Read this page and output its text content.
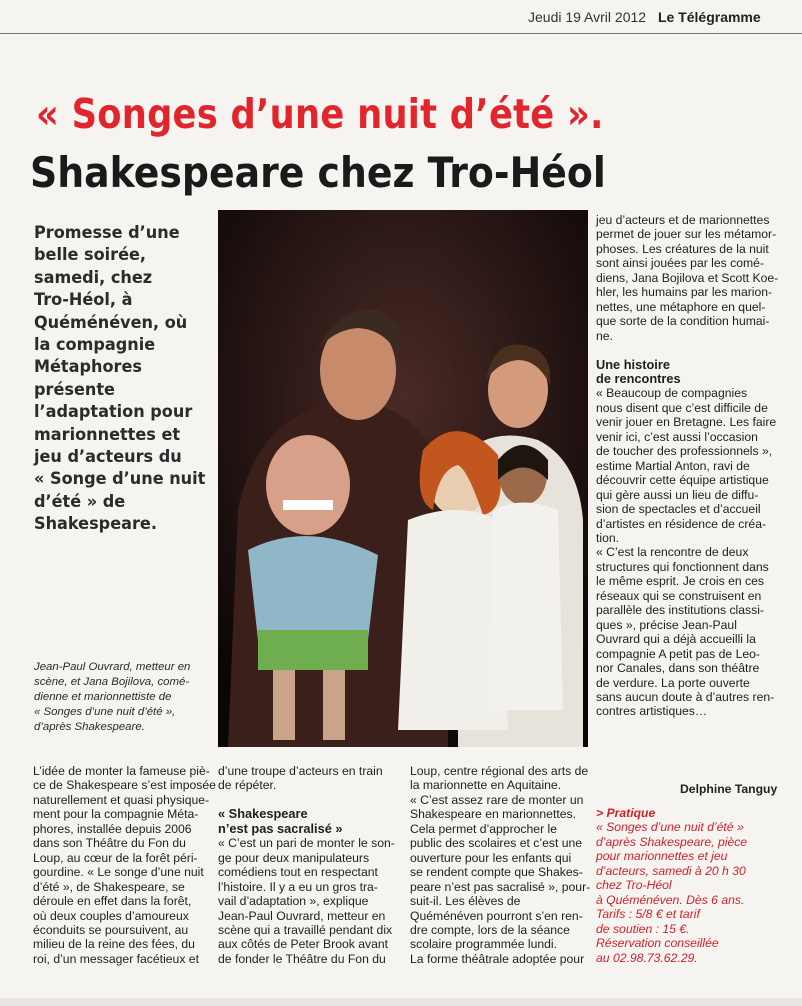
Jeudi 19 Avril 2012 Le Télégramme
« Songes d’une nuit d’été ».
Shakespeare chez Tro-Héol
Promesse d’une
belle soirée,
samedi, chez
Tro-Héol, à
Quéménéven, où
la compagnie
Métaphores
présente
l’adaptation pour
marionnettes et
jeu d’acteurs du
« Songe d’une nuit
d’été » de
Shakespeare.
Jean-Paul Ouvrard, metteur en
scène, et Jana Bojilova, comé-
dienne et marionnettiste de
« Songes d’une nuit d’été »,
d’après Shakespeare.
jeu d’acteurs et de marionnettes
permet de jouer sur les métamor-
phoses. Les créatures de la nuit
sont ainsi jouées par les comé-
diens, Jana Bojilova et Scott Koe-
hler, les humains par les marion-
nettes, une métaphore en quel-
que sorte de la condition humai-
ne.

Une histoire
de rencontres
« Beaucoup de compagnies
nous disent que c’est difficile de
venir jouer en Bretagne. Les faire
venir ici, c’est aussi l’occasion
de toucher des professionnels »,
estime Martial Anton, ravi de
découvrir cette équipe artistique
qui gère aussi un lieu de diffu-
sion de spectacles et d’accueil
d’artistes en résidence de créa-
tion.
« C’est la rencontre de deux
structures qui fonctionnent dans
le même esprit. Je crois en ces
réseaux qui se construisent en
parallèle des institutions classi-
ques », précise Jean-Paul
Ouvrard qui a déjà accueilli la
compagnie A petit pas de Leo-
nor Canales, dans son théâtre
de verdure. La porte ouverte
sans aucun doute à d’autres ren-
contres artistiques…
Delphine Tanguy
> Pratique
« Songes d’une nuit d’été »
d’après Shakespeare, pièce
pour marionnettes et jeu
d’acteurs, samedi à 20 h 30
chez Tro-Héol
à Quéménéven. Dès 6 ans.
Tarifs : 5/8 € et tarif
de soutien : 15 €.
Réservation conseillée
au 02.98.73.62.29.
L’idée de monter la fameuse piè-
ce de Shakespeare s’est imposée
naturellement et quasi physique-
ment pour la compagnie Méta-
phores, installée depuis 2006
dans son Théâtre du Fon du
Loup, au cœur de la forêt péri-
gourdine. « Le songe d’une nuit
d’été », de Shakespeare, se
déroule en effet dans la forêt,
où deux couples d’amoureux
éconduits se poursuivent, au
milieu de la reine des fées, du
roi, d’un messager facétieux et
d’une troupe d’acteurs en train
de répéter.

« Shakespeare
n’est pas sacralisé »
« C’est un pari de monter le son-
ge pour deux manipulateurs
comédiens tout en respectant
l’histoire. Il y a eu un gros tra-
vail d’adaptation », explique
Jean-Paul Ouvrard, metteur en
scène qui a travaillé pendant dix
aux côtés de Peter Brook avant
de fonder le Théâtre du Fon du
Loup, centre régional des arts de
la marionnette en Aquitaine.
« C’est assez rare de monter un
Shakespeare en marionnettes.
Cela permet d’approcher le
public des scolaires et c’est une
ouverture pour les enfants qui
se rendent compte que Shakes-
peare n’est pas sacralisé », pour-
suit-il. Les élèves de
Quéménéven pourront s’en ren-
dre compte, lors de la séance
scolaire programmée lundi.
La forme théâtrale adoptée pour
